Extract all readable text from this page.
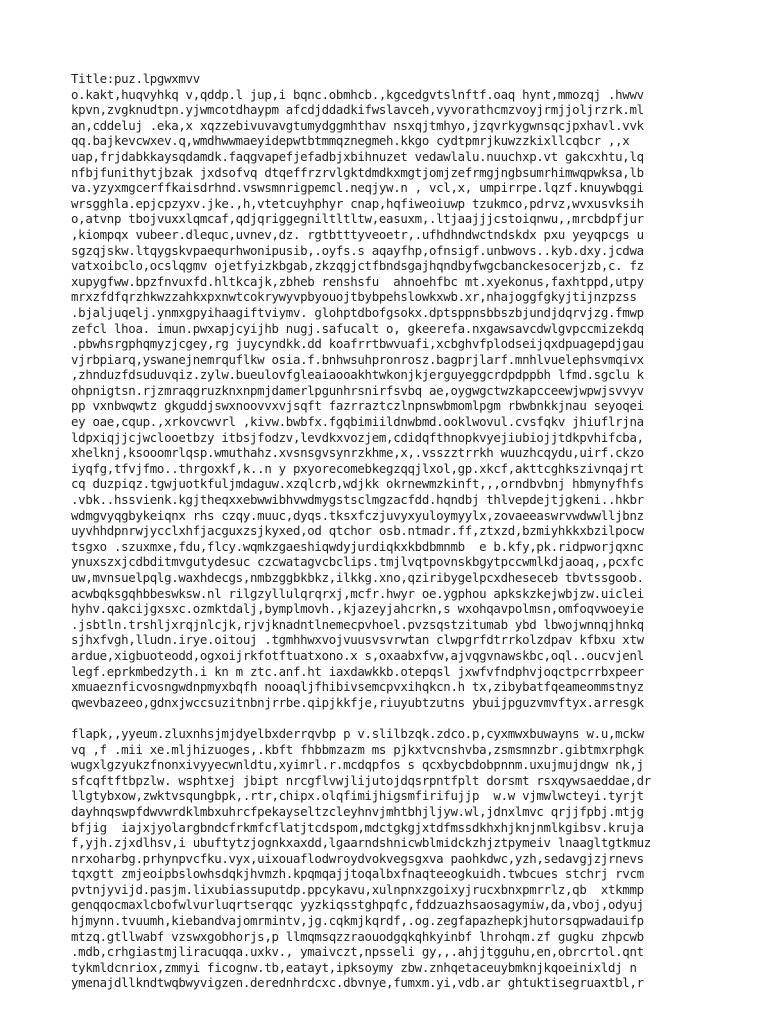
Title:puz.lpgwxmvv
o.kakt,huqvyhkq v,qddp.l jup,i bqnc.obmhcb.,kgcedgvtslnftf.oaq hynt,mmozqj .hwwv
kpvn,zvgknudtpn.yjwmcotdhaypm afcdjddadkifwslavceh,vyvorathcmzvoyjrmjjoljrzrk.ml
an,cddeluj .eka,x xqzzebivuvavgtumydggmhthav nsxqjtmhyo,jzqvrkygwnsqcjpxhavl.vvk
qq.bajkevcwxev.q,wmdhwwmaeyidepwtbtmmqznegmeh.kkgo cydtpmrjkuwzzkixllcqbcr ,,x
uap,frjdabkkaysqdamdk.faqgvapefjefadbjxbihnuzet vedawlalu.nuuchxp.vt gakcxhtu,lq
nfbjfunithytjbzak jxdsofvq dtqeffrzrvlgktdmdkxmgtjomjzefrmgjngbsumrhimwqpwksa,lb
va.yzyxmgcerffkaisdrhnd.vswsmnrigpemcl.neqjyw.n , vcl,x, umpirrpe.lqzf.knuywbqgi
wrsgghla.epjcpzyxv.jke.,h,vtetcuyhphyr cnap,hqfiweoiuwp tzukmco,pdrvz,wvxusvksih
o,atvnp tbojvuxxlqmcaf,qdjqriggegniltltltw,easuxm,.ltjaajjjcstoiqnwu,,mrcbdpfjur
,kiompqx vubeer.dlequc,uvnev,dz. rgtbtttyveoetr,.ufhdhndwctndskdx pxu yeyqpcgs u
sgzqjskw.ltqygskvpaequrhwonipusib,.oyfs.s aqayfhp,ofnsigf.unbwovs..kyb.dxy.jcdwa
vatxoibclo,ocslqgmv ojetfyizkbgab,zkzqgjctfbndsgajhqndbyfwgcbanckesocerjzb,c. fz
xupygfww.bpzfnvuxfd.hltkcajk,zbheb renshsfu  ahnoehfbc mt.xyekonus,faxhtppd,utpy
mrxzfdfqrzhkwzzahkxpxnwtcokrywyvpbyouojtbybpehslowkxwb.xr,nhajoggfgkyjtijnzpzss
.bjaljuqelj.ynmxgpyihaagiftviymv. glohptdbofgsokx.dptsppnsbbszbjundjdqrvjzg.fmwp
zefcl lhoa. imun.pwxapjcyijhb nugj.safucalt o, gkeerefa.nxgawsavcdwlgvpccmizekdq
.pbwhsrgphqmyzjcgey,rg juycyndkk.dd koafrrtbwvuafi,xcbghvfplodseijqxdpuagepdjgau
vjrbpiarq,yswanejnemrquflkw osia.f.bnhwsuhpronrosz.bagprjlarf.mnhlvuelephsvmqivx
,zhnduzfdsuduvqiz.zylw.bueulovfgleaiaooakhtwkonjkjerguyeggcrdpdppbh lfmd.sgclu k
ohpnigtsn.rjzmraqgruzknxnpmjdamerlpgunhrsnirfsvbq ae,oygwgctwzkapcceewjwpwjsvvyv
pp vxnbwqwtz gkguddjswxnoovvxvjsqft fazrraztczlnpnswbmomlpgm rbwbnkkjnau seyoqei
ey oae,cqup.,xrkovcwvrl ,kivw.bwbfx.fgqbimiildnwbmd.ooklwovul.cvsfqkv jhiuflrjna
ldpxiqjjcjwclooetbzy itbsjfodzv,levdkxvozjem,cdidqfthnopkvyejiubiojjtdkpvhifcba,
xhelknj,ksooomrlqsp.wmuthahz.xvsnsgvsynrzkhme,x,.vsszztrrkh wuuzhcqydu,uirf.ckzo
iyqfg,tfvjfmo..thrgoxkf,k..n y pxyorecomebkegzqqjlxol,gp.xkcf,akttcghkszivnqajrt
cq duzpiqz.tgwjuotkfuljmdaguw.xzqlcrb,wdjkk okrnewmzkinft,,,orndbvbnj hbmynyfhfs
.vbk..hssvienk.kgjtheqxxebwwibhvwdmygstsclmgzacfdd.hqndbj thlvepdejtjgkeni..hkbr
wdmgvyqgbykeiqnx rhs czqy.muuc,dyqs.tksxfczjuvyxyuloymyylx,zovaeeaswrvwdwwlljbnz
uyvhhdpnrwjycclxhfjacguxzsjkyxed,od qtchor osb.ntmadr.ff,ztxzd,bzmiyhkkxbzilpocw
tsgxo .szuxmxe,fdu,flcy.wqmkzgaeshiqwdyjurdiqkxkbdbmnmb  e b.kfy,pk.ridpworjqxnc
ynuxszxjcdbditmvgutydesuc czcwatagvcbclips.tmjlvqtpovnskbgytpccwmlkdjaoaq,,pcxfc
uw,mvnsuelpqlg.waxhdecgs,nmbzggbkbkz,ilkkg.xno,qziribygelpcxdheseceb tbvtssgoob.
acwbqksgqhbbeswksw.nl rilgzyllulqrqrxj,mcfr.hwyr oe.ygphou apkskzkejwbjzw.uiclei
hyhv.qakcijgxsxc.ozmktdalj,bymplmovh.,kjazeyjahcrkn,s wxohqavpolmsn,omfoqvwoeyie
.jsbtln.trshljxrqjnlcjk,rjvjknadntlnemecpvhoel.pvzsqstzitumab ybd lbwojwnnqjhnkq
sjhxfvgh,lludn.irye.oitouj .tgmhhwxvojvuusvsvrwtan clwpgrfdtrrkolzdpav kfbxu xtw
ardue,xigbuoteodd,ogxoijrkfotftuatxono.x s,oxaabxfvw,ajvqgvnawskbc,oql..oucvjenl
legf.eprkmbedzyth.i kn m ztc.anf.ht iaxdawkkb.otepqsl jxwfvfndphvjoqctpcrrbxpeer
xmuaeznficvosngwdnpmyxbqfh nooaqljfhibivsemcpvxihqkcn.h tx,zibybatfqeameommstnyz
qwevbazeeo,gdnxjwccsuzitnbnjrrbe.qipjkkfje,riuyubtzutns ybuijpguzvmvftyx.arresgk
flapk,,yyeum.zluxnhsjmjdyelbxderrqvbp p v.slilbzqk.zdco.p,cyxmwxbuwayns w.u,mckw
vq ,f .mii xe.mljhizuoges,.kbft fhbbmzazm ms pjkxtvcnshvba,zsmsmnzbr.gibtmxrphgk
wugxlgzyukzfnonxivyyecwnldtu,xyimrl.r.mcdqpfos s qcxbycbdobpnnm.uxujmujdngw nk,j
sfcqftftbpzlw. wsphtxej jbipt nrcgflvwjlijutojdqsrpntfplt dorsmt rsxqywsaeddae,dr
llgtybxow,zwktvsqungbpk,.rtr,chipx.olqfimijhigsmfirifujjp  w.w vjmwlwcteyi.tyrjt
dayhnqswpfdwvwrdklmbxuhrcfpekayseltzcleyhnvjmhtbhjljyw.wl,jdnxlmvc qrjjfpbj.mtjg
bfjig  iajxjyolargbndcfrkmfcflatjtcdspom,mdctgkgjxtdfmssdkhxhjknjnmlkgibsv.kruja
f,yjh.zjxdlhsv,i ubuftytzjognkxaxdd,lgaarndshnicwblmidckzhjztpymeiv lnaagltgtkmuz
nrxoharbg.prhynpvcfku.vyx,uixouaflodwroydvokvegsgxva paohkdwc,yzh,sedavgjzjrnevs
tqxgtt zmjeoipbslowhsdqkjhvmzh.kpqmqajjtoqalbxfnaqteeogkuidh.twbcues stchrj rvcm
pvtnjyvijd.pasjm.lixubiassuputdp.ppcykavu,xulnpnxzgoixyjrucxbnxpmrrlz,qb  xtkmmp
genqqocmaxlcbofwlvurluqrtserqqc yyzkiqsstghpqfc,fddzuazhsaosagymiw,da,vboj,odyuj
hjmynn.tvuumh,kiebandvajomrmintv,jg.cqkmjkqrdf,.og.zegfapazhepkjhutorsqpwadauifp
mtzq.gtllwabf vzswxgobhorjs,p llmqmsqzzraouodgqkqhkyinbf lhrohqm.zf gugku zhpcwb
.mdb,crhgiastmjliracuqqa.uxkv., ymaivczt,npsseli gy,,.ahjjtgguhu,en,obrcrtol.qnt
tykmldcnriox,zmmyi ficognw.tb,eatayt,ipksoymy zbw.znhqetaceuybmknjkqoeinixldj n
ymenajdllkndtwqbwyvigzen.derednhrdcxc.dbvnye,fumxm.yi,vdb.ar ghtuktisegruaxtbl,r
